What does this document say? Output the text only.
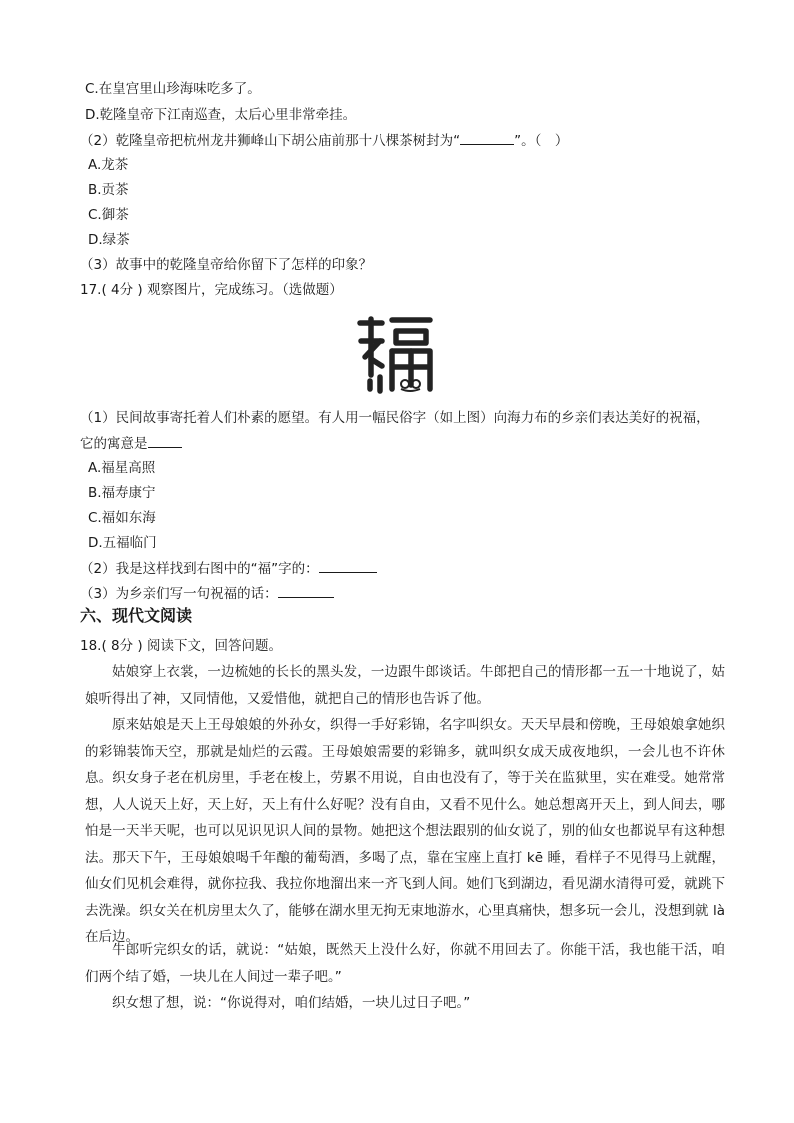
C.在皇宫里山珍海味吃多了。
D.乾隆皇帝下江南巡查，太后心里非常牵挂。
（2）乾隆皇帝把杭州龙井狮峰山下胡公庙前那十八棵茶树封为“	”。（　）
A.龙茶
B.贡茶
C.御茶
D.绿茶
（3）故事中的乾隆皇帝给你留下了怎样的印象？
17.( 4分 ) 观察图片，完成练习。（选做题）
（1）民间故事寄托着人们朴素的愿望。有人用一幅民俗字（如上图）向海力布的乡亲们表达美好的祝福，
它的寓意是
A.福星高照
B.福寿康宁
C.福如东海
D.五福临门
（2）我是这样找到右图中的“福”字的：
（3）为乡亲们写一句祝福的话：
六、现代文阅读
18.( 8分 ) 阅读下文，回答问题。
姑娘穿上衣裳，一边梳她的长长的黑头发，一边跟牛郎谈话。牛郎把自己的情形都一五一十地说了，姑娘听得出了神，又同情他，又爱惜他，就把自己的情形也告诉了他。
原来姑娘是天上王母娘娘的外孙女，织得一手好彩锦，名字叫织女。天天早晨和傍晚，王母娘娘拿她织的彩锦装饰天空，那就是灿烂的云霞。王母娘娘需要的彩锦多，就叫织女成天成夜地织，一会儿也不许休息。织女身子老在机房里，手老在梭上，劳累不用说，自由也没有了，等于关在监狱里，实在难受。她常常想，人人说天上好，天上好，天上有什么好呢？没有自由，又看不见什么。她总想离开天上，到人间去，哪怕是一天半天呢，也可以见识见识人间的景物。她把这个想法跟别的仙女说了，别的仙女也都说早有这种想法。那天下午，王母娘娘喝千年酿的葡萄酒，多喝了点，靠在宝座上直打 kē 睡，看样子不见得马上就醒，仙女们见机会难得，就你拉我、我拉你地溜出来一齐飞到人间。她们飞到湖边，看见湖水清得可爱，就跳下去洗澡。织女关在机房里太久了，能够在湖水里无拘无束地游水，心里真痛快，想多玩一会儿，没想到就 là 在后边。
牛郎听完织女的话，就说：“姑娘，既然天上没什么好，你就不用回去了。你能干活，我也能干活，咱们两个结了婚，一块儿在人间过一辈子吧。”
织女想了想，说：“你说得对，咱们结婚，一块儿过日子吧。”
